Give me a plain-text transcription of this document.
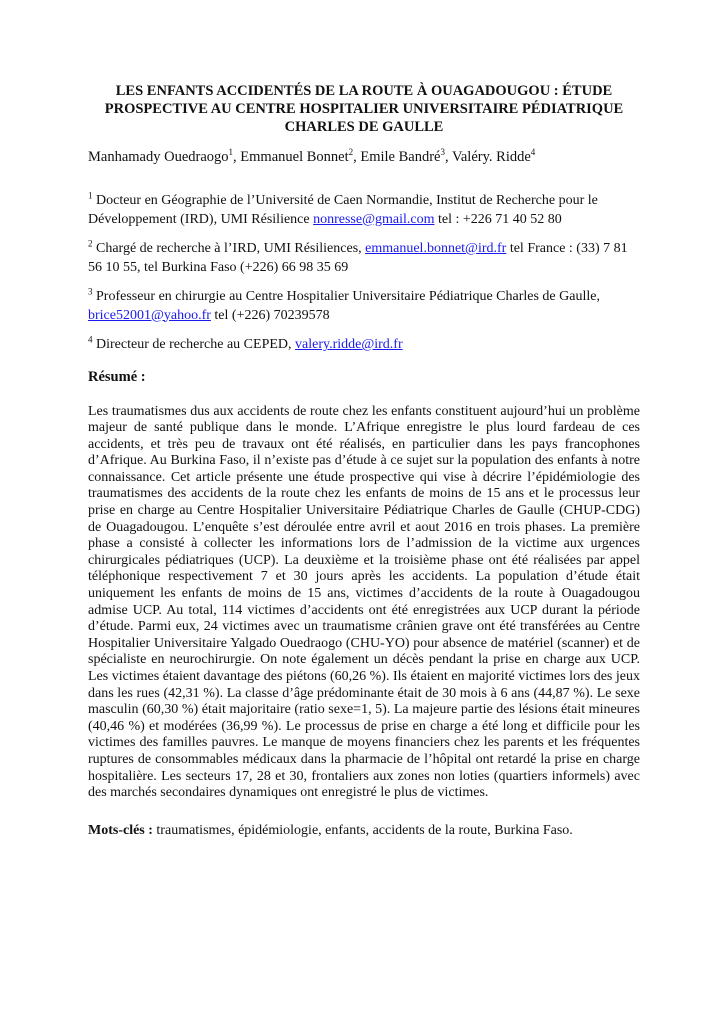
LES ENFANTS ACCIDENTÉS DE LA ROUTE À OUAGADOUGOU : ÉTUDE PROSPECTIVE AU CENTRE HOSPITALIER UNIVERSITAIRE PÉDIATRIQUE CHARLES DE GAULLE
Manhamady Ouedraogo$^1$, Emmanuel Bonnet$^2$, Emile Bandré$^3$, Valéry. Ridde$^4$
$^1$ Docteur en Géographie de l’Université de Caen Normandie, Institut de Recherche pour le Développement (IRD), UMI Résilience nonresse@gmail.com tel : +226 71 40 52 80
$^2$ Chargé de recherche à l’IRD, UMI Résiliences, emmanuel.bonnet@ird.fr tel France : (33) 7 81 56 10 55, tel Burkina Faso (+226) 66 98 35 69
$^3$ Professeur en chirurgie au Centre Hospitalier Universitaire Pédiatrique Charles de Gaulle, brice52001@yahoo.fr tel (+226) 70239578
$^4$ Directeur de recherche au CEPED, valery.ridde@ird.fr
Résumé :

Les traumatismes dus aux accidents de route chez les enfants constituent aujourd’hui un problème majeur de santé publique dans le monde. L’Afrique enregistre le plus lourd fardeau de ces accidents, et très peu de travaux ont été réalisés, en particulier dans les pays francophones d’Afrique. Au Burkina Faso, il n’existe pas d’étude à ce sujet sur la population des enfants à notre connaissance. Cet article présente une étude prospective qui vise à décrire l’épidémiologie des traumatismes des accidents de la route chez les enfants de moins de 15 ans et le processus leur prise en charge au Centre Hospitalier Universitaire Pédiatrique Charles de Gaulle (CHUP-CDG) de Ouagadougou. L’enquête s’est déroulée entre avril et aout 2016 en trois phases. La première phase a consisté à collecter les informations lors de l’admission de la victime aux urgences chirurgicales pédiatriques (UCP). La deuxième et la troisième phase ont été réalisées par appel téléphonique respectivement 7 et 30 jours après les accidents. La population d’étude était uniquement les enfants de moins de 15 ans, victimes d’accidents de la route à Ouagadougou admise UCP. Au total, 114 victimes d’accidents ont été enregistrées aux UCP durant la période d’étude. Parmi eux, 24 victimes avec un traumatisme crânien grave ont été transférées au Centre Hospitalier Universitaire Yalgado Ouedraogo (CHU-YO) pour absence de matériel (scanner) et de spécialiste en neurochirurgie. On note également un décès pendant la prise en charge aux UCP. Les victimes étaient davantage des piétons (60,26 %). Ils étaient en majorité victimes lors des jeux dans les rues (42,31 %). La classe d’âge prédominante était de 30 mois à 6 ans (44,87 %). Le sexe masculin (60,30 %) était majoritaire (ratio sexe=1, 5). La majeure partie des lésions était mineures (40,46 %) et modérées (36,99 %). Le processus de prise en charge a été long et difficile pour les victimes des familles pauvres. Le manque de moyens financiers chez les parents et les fréquentes ruptures de consommables médicaux dans la pharmacie de l’hôpital ont retardé la prise en charge hospitalière. Les secteurs 17, 28 et 30, frontaliers aux zones non loties (quartiers informels) avec des marchés secondaires dynamiques ont enregistré le plus de victimes.

Mots-clés : traumatismes, épidémiologie, enfants, accidents de la route, Burkina Faso.
